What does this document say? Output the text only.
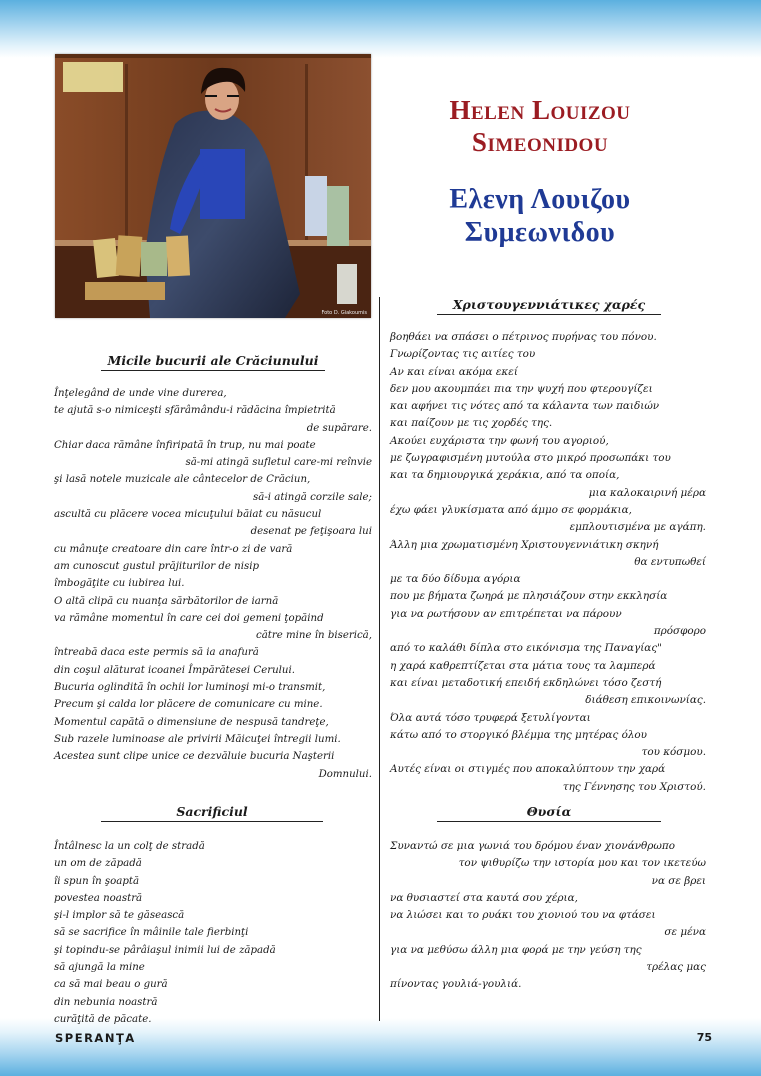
Foto D. Giakoumis
Helen Louizou
Simeonidou
Ελενη Λουιζου
Συμεωνιδου
Χριστουγεννιάτικες χαρές
βοηθάει να σπάσει ο πέτρινος πυρήνας του πόνου.
Γνωρίζοντας τις αιτίες του
Αν και είναι ακόμα εκεί
δεν μου ακουμπάει πια την ψυχή που φτερουγίζει
και αφήνει τις νότες από τα κάλαντα των παιδιών
και παίζουν με τις χορδές της.
Ακούει ευχάριστα την φωνή του αγοριού,
με ζωγραφισμένη μυτούλα στο μικρό προσωπάκι του
και τα δημιουργικά χεράκια, από τα οποία,
μια καλοκαιρινή μέρα
έχω φάει γλυκίσματα από άμμο σε φορμάκια,
εμπλουτισμένα με αγάπη.
Άλλη μια χρωματισμένη Χριστουγεννιάτικη σκηνή
θα εντυπωθεί
με τα δύο δίδυμα αγόρια
που με βήματα ζωηρά με πλησιάζουν στην εκκλησία
για να ρωτήσουν αν επιτρέπεται να πάρουν
πρόσφορο
από το καλάθι δίπλα στο εικόνισμα της Παναγίας"
η χαρά καθρεπτίζεται στα μάτια τους τα λαμπερά
και είναι μεταδοτική επειδή εκδηλώνει τόσο ζεστή
διάθεση επικοινωνίας.
Όλα αυτά τόσο τρυφερά ξετυλίγονται
κάτω από το στοργικό βλέμμα της μητέρας όλου
του κόσμου.
Αυτές είναι οι στιγμές που αποκαλύπτουν την χαρά
της Γέννησης του Χριστού.
Micile bucurii ale Crăciunului
Înţelegând de unde vine durerea,
te ajută s-o nimiceşti sfărâmându-i rădăcina împietrită
de supărare.
Chiar daca rămâne înfiripată în trup, nu mai poate
să-mi atingă sufletul care-mi reînvie
şi lasă notele muzicale ale cântecelor de Crăciun,
să-i atingă corzile sale;
ascultă cu plăcere vocea micuţului băiat cu năsucul
desenat pe feţişoara lui
cu mânuţe creatoare din care într-o zi de vară
am cunoscut gustul prăjiturilor de nisip
îmbogăţite cu iubirea lui.
O altă clipă cu nuanţa sărbătorilor de iarnă
va rămâne momentul în care cei doi gemeni ţopăind
către mine în biserică,
întreabă daca este permis să ia anafură
din coşul alăturat icoanei Împărătesei Cerului.
Bucuria oglindită în ochii lor luminoşi mi-o transmit,
Precum şi calda lor plăcere de comunicare cu mine.
Momentul capătă o dimensiune de nespusă tandreţe,
Sub razele luminoase ale privirii Măicuţei întregii lumi.
Acestea sunt clipe unice ce dezvăluie bucuria Naşterii
Domnului.
Sacrificiul
Întâlnesc la un colţ de stradă
un om de zăpadă
îi spun în şoaptă
povestea noastră
şi-l implor să te găsească
să se sacrifice în mâinile tale fierbinţi
şi topindu-se pârâiaşul inimii lui de zăpadă
să ajungă la mine
ca să mai beau o gură
din nebunia noastră
curăţită de păcate.
Θυσία
Συναντώ σε μια γωνιά του δρόμου έναν χιονάνθρωπο
τον ψιθυρίζω την ιστορία μου και τον ικετεύω
να σε βρει
να θυσιαστεί στα καυτά σου χέρια,
να λιώσει και το ρυάκι του χιονιού του να φτάσει
σε μένα
για να μεθύσω άλλη μια φορά με την γεύση της
τρέλας μας
πίνοντας γουλιά-γουλιά.
SPERANŢA	75
